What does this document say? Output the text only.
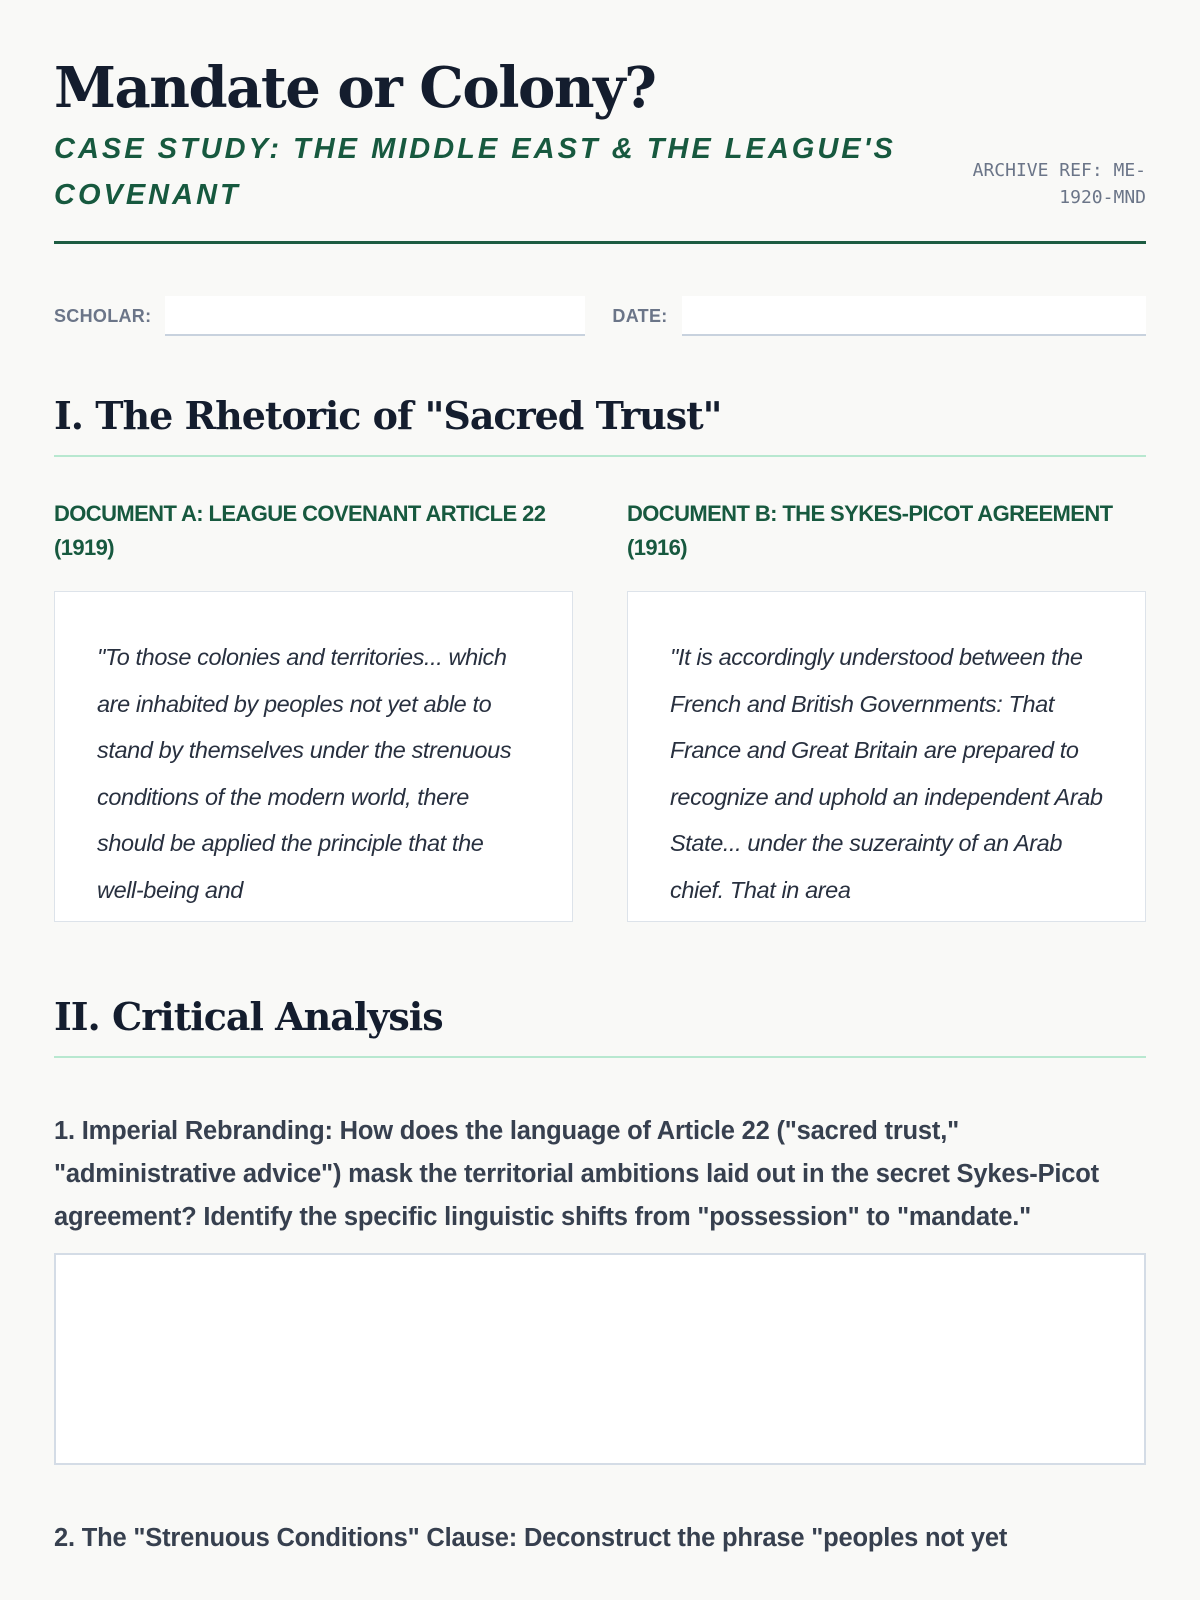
Mandate or Colony?
CASE STUDY: THE MIDDLE EAST & THE LEAGUE'S COVENANT
ARCHIVE REF: ME-1920-MND
SCHOLAR:	DATE:
I. The Rhetoric of "Sacred Trust"
DOCUMENT A: LEAGUE COVENANT ARTICLE 22 (1919)

"To those colonies and territories... which are inhabited by peoples not yet able to stand by themselves under the strenuous conditions of the modern world, there should be applied the principle that the well-being and

DOCUMENT B: THE SYKES-PICOT AGREEMENT (1916)

"It is accordingly understood between the French and British Governments: That France and Great Britain are prepared to recognize and uphold an independent Arab State... under the suzerainty of an Arab chief. That in area

II. Critical Analysis

1. Imperial Rebranding: How does the language of Article 22 ("sacred trust," "administrative advice") mask the territorial ambitions laid out in the secret Sykes-Picot agreement? Identify the specific linguistic shifts from "possession" to "mandate."

2. The "Strenuous Conditions" Clause: Deconstruct the phrase "peoples not yet
